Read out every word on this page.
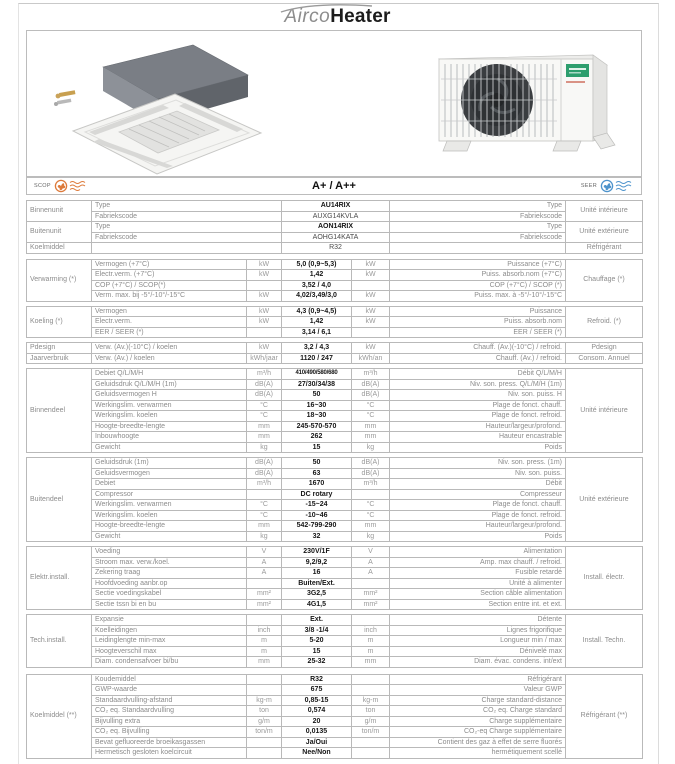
AircoHeater
SCOP	A+ / A++	SEER
Binnenunit	Type	AU14RIX	Type	Unité intérieure
	Fabriekscode	AUXG14KVLA	Fabriekscode	
Buitenunit	Type	AON14RIX	Type	Unité extérieure
	Fabriekscode	AOHG14KATA	Fabriekscode	
Koelmiddel		R32		Réfrigérant
Verwarming (*)	Vermogen (+7°C)	kW	5,0 (0,9~5,3)	kW	Puissance (+7°C)	Chauffage (*)
	Electr.verm. (+7°C)	kW	1,42	kW	Puiss. absorb.nom (+7°C)	
	COP (+7°C) / SCOP(*)		3,52 / 4,0		COP (+7°C) / SCOP (*)	
	Verm. max. bij -5°/-10°/-15°C	kW	4,02/3,49/3,0	kW	Puiss. max. à -5°/-10°/-15°C	
Koeling (*)	Vermogen	kW	4,3 (0,9~4,5)	kW	Puissance	Refroid. (*)
	Electr.verm.	kW	1,42	kW	Puiss. absorb.nom	
	EER / SEER (*)		3,14 / 6,1		EER / SEER (*)	
Pdesign	Verw. (Av.)(-10°C) / koelen	kW	3,2 / 4,3	kW	Chauff. (Av.)(-10°C) / refroid.	Pdesign
Jaarverbruik	Verw. (Av.) / koelen	kWh/jaar	1120 / 247	kWh/an	Chauff. (Av.) / refroid.	Consom. Annuel
Binnendeel	Debiet Q/L/M/H	m³/h	410/490/580/680	m³/h	Débit Q/L/M/H	Unité intérieure
	Geluidsdruk Q/L/M/H (1m)	dB(A)	27/30/34/38	dB(A)	Niv. son. press. Q/L/M/H (1m)	
	Geluidsvermogen H	dB(A)	50	dB(A)	Niv. son. puiss. H	
	Werkingslim. verwarmen	°C	16~30	°C	Plage de fonct. chauff.	
	Werkingslim. koelen	°C	18~30	°C	Plage de fonct. refroid.	
	Hoogte-breedte-lengte	mm	245-570-570	mm	Hauteur/largeur/profond.	
	Inbouwhoogte	mm	262	mm	Hauteur encastrable	
	Gewicht	kg	15	kg	Poids	
Buitendeel	Geluidsdruk (1m)	dB(A)	50	dB(A)	Niv. son. press. (1m)	Unité extérieure
	Geluidsvermogen	dB(A)	63	dB(A)	Niv. son. puiss.	
	Debiet	m³/h	1670	m³/h	Débit	
	Compressor		DC rotary		Compresseur	
	Werkingslim. verwarmen	°C	-15~24	°C	Plage de fonct. chauff.	
	Werkingslim. koelen	°C	-10~46	°C	Plage de fonct. refroid.	
	Hoogte-breedte-lengte	mm	542-799-290	mm	Hauteur/largeur/profond.	
	Gewicht	kg	32	kg	Poids	
Elektr.install.	Voeding	V	230V/1F	V	Alimentation	Install. électr.
	Stroom max. verw./koel.	A	9,2/9,2	A	Amp. max chauff. / refroid.	
	Zekering traag	A	16	A	Fusible retardé	
	Hoofdvoeding aanbr.op		Buiten/Ext.		Unité à alimenter	
	Sectie voedingskabel	mm²	3G2,5	mm²	Section câble alimentation	
	Sectie tssn bi en bu	mm²	4G1,5	mm²	Section entre int. et ext.	
Tech.install.	Expansie		Ext.		Détente	Install. Techn.
	Koelleidingen	inch	3/8 -1/4	inch	Lignes frigorifique	
	Leidinglengte min-max	m	5-20	m	Longueur min / max	
	Hoogteverschil max	m	15	m	Dénivelé max	
	Diam. condensafvoer bi/bu	mm	25-32	mm	Diam. évac. condens. int/ext	
Koelmiddel (**)	Koudemiddel		R32		Réfrigérant	Réfrigérant (**)
	GWP-waarde		675		Valeur GWP	
	Standaardvulling-afstand	kg-m	0,85-15	kg-m	Charge standard-distance	
	CO₂ eq. Standaardvulling	ton	0,574	ton	CO₂ eq. Charge standard	
	Bijvulling extra	g/m	20	g/m	Charge supplémentaire	
	CO₂ eq. Bijvulling	ton/m	0,0135	ton/m	CO₂-eq Charge supplémentaire	
	Bevat gefluoreerde broeikasgassen		Ja/Oui		Contient des gaz à effet de serre fluorés	
	Hermetisch gesloten koelcircuit		Nee/Non		hermétiquement scellé	
